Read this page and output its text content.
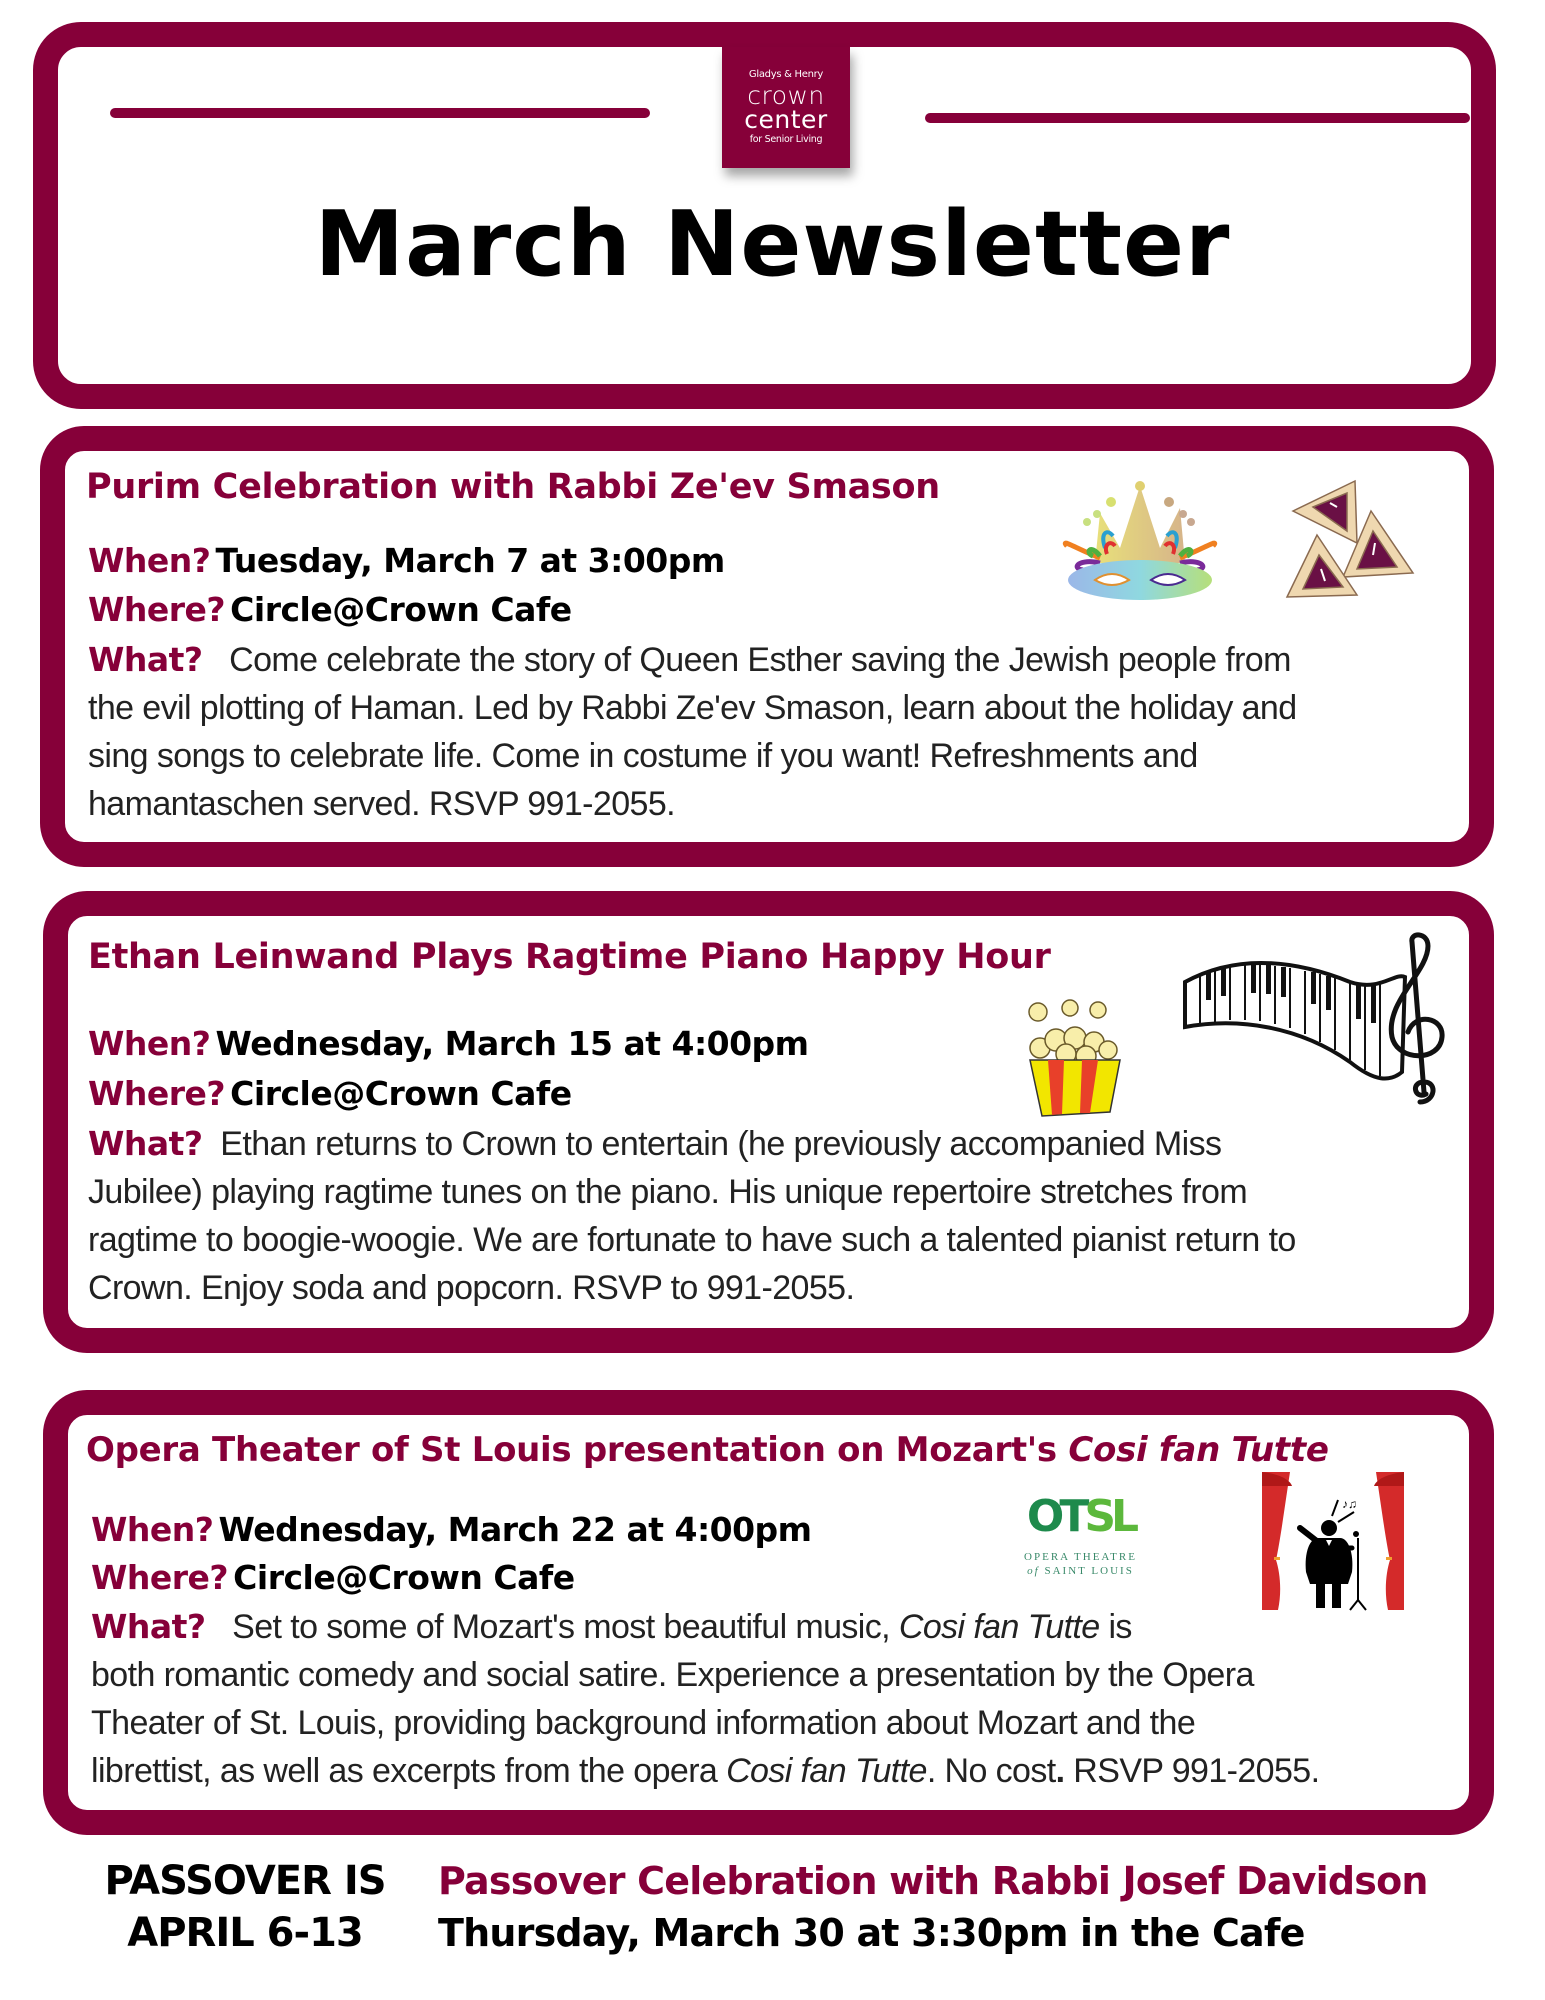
Gladys & Henry
crown
center
for Senior Living
March Newsletter
Purim Celebration with Rabbi Ze'ev Smason
When? Tuesday, March 7 at 3:00pm
Where? Circle@Crown Cafe
What? Come celebrate the story of Queen Esther saving the Jewish people from
the evil plotting of Haman. Led by Rabbi Ze'ev Smason, learn about the holiday and
sing songs to celebrate life. Come in costume if you want! Refreshments and
hamantaschen served. RSVP 991-2055.
Ethan Leinwand Plays Ragtime Piano Happy Hour
When? Wednesday, March 15 at 4:00pm
Where? Circle@Crown Cafe
What? Ethan returns to Crown to entertain (he previously accompanied Miss
Jubilee) playing ragtime tunes on the piano. His unique repertoire stretches from
ragtime to boogie-woogie. We are fortunate to have such a talented pianist return to
Crown. Enjoy soda and popcorn. RSVP to 991-2055.
Opera Theater of St Louis presentation on Mozart's Cosi fan Tutte
When? Wednesday, March 22 at 4:00pm
Where? Circle@Crown Cafe
What? Set to some of Mozart's most beautiful music, Cosi fan Tutte is
both romantic comedy and social satire. Experience a presentation by the Opera
Theater of St. Louis, providing background information about Mozart and the
librettist, as well as excerpts from the opera Cosi fan Tutte. No cost. RSVP 991-2055.
OTSL
OPERA THEATRE
of SAINT LOUIS
♪♫
PASSOVER IS
APRIL 6-13
Passover Celebration with Rabbi Josef Davidson
Thursday, March 30 at 3:30pm in the Cafe
